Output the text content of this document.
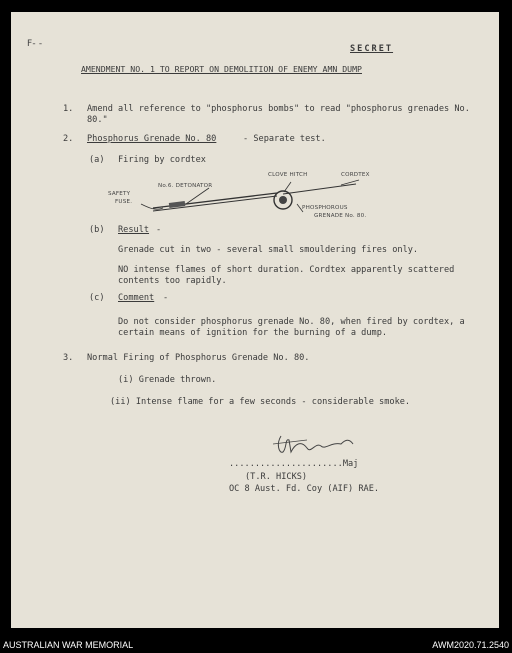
F- -	SECRET
AMENDMENT NO. 1 TO REPORT ON DEMOLITION OF ENEMY AMN DUMP
1. Amend all reference to "phosphorus bombs" to read "phosphorus grenades No. 80."
2. Phosphorus Grenade No. 80	- Separate test.
(a) Firing by cordtex
CLOVE HITCH	CORDTEX
No.6. DETONATOR
SAFETY
FUSE.
PHOSPHOROUS
GRENADE No. 80.
(b) Result -
Grenade cut in two - several small smouldering fires only.
NO intense flames of short duration. Cordtex apparently scattered contents too rapidly.
(c) Comment -
Do not consider phosphorus grenade No. 80, when fired by cordtex, a certain means of ignition for the burning of a dump.
3. Normal Firing of Phosphorus Grenade No. 80.
(i) Grenade thrown.
(ii) Intense flame for a few seconds - considerable smoke.
......................Maj
(T.R. HICKS)
OC 8 Aust. Fd. Coy (AIF) RAE.
AUSTRALIAN WAR MEMORIAL	AWM2020.71.2540
